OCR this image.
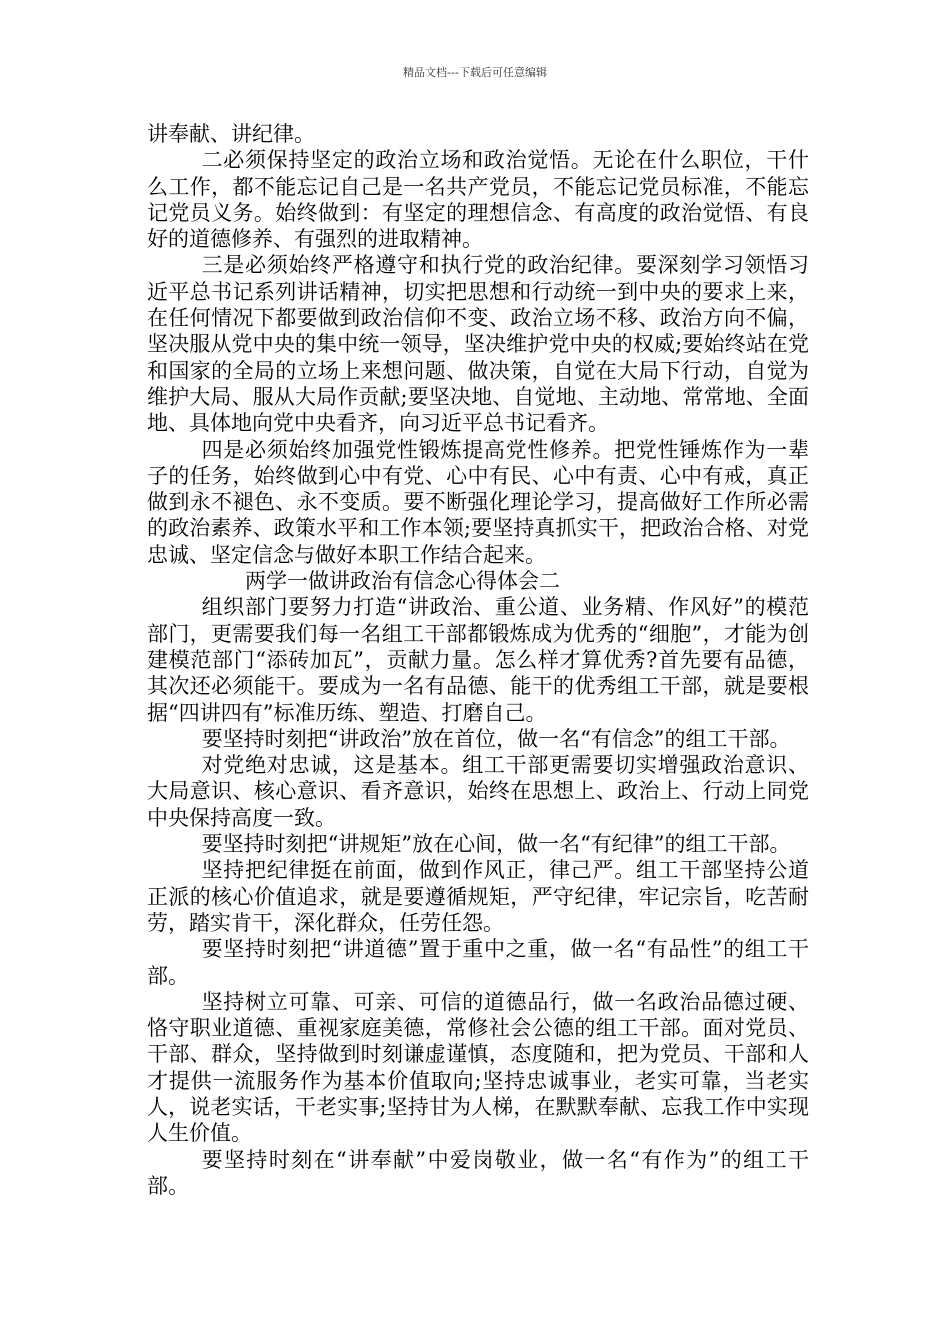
精品文档---下载后可任意编辑

讲奉献、讲纪律。

二必须保持坚定的政治立场和政治觉悟。无论在什么职位，干什么工作，都不能忘记自己是一名共产党员，不能忘记党员标准，不能忘记党员义务。始终做到：有坚定的理想信念、有高度的政治觉悟、有良好的道德修养、有强烈的进取精神。

三是必须始终严格遵守和执行党的政治纪律。要深刻学习领悟习近平总书记系列讲话精神，切实把思想和行动统一到中央的要求上来，在任何情况下都要做到政治信仰不变、政治立场不移、政治方向不偏，坚决服从党中央的集中统一领导，坚决维护党中央的权威;要始终站在党和国家的全局的立场上来想问题、做决策，自觉在大局下行动，自觉为维护大局、服从大局作贡献;要坚决地、自觉地、主动地、常常地、全面地、具体地向党中央看齐，向习近平总书记看齐。

四是必须始终加强党性锻炼提高党性修养。把党性锤炼作为一辈子的任务，始终做到心中有党、心中有民、心中有责、心中有戒，真正做到永不褪色、永不变质。要不断强化理论学习，提高做好工作所必需的政治素养、政策水平和工作本领;要坚持真抓实干，把政治合格、对党忠诚、坚定信念与做好本职工作结合起来。

两学一做讲政治有信念心得体会二

组织部门要努力打造“讲政治、重公道、业务精、作风好”的模范部门，更需要我们每一名组工干部都锻炼成为优秀的“细胞”，才能为创建模范部门“添砖加瓦”，贡献力量。怎么样才算优秀?首先要有品德，其次还必须能干。要成为一名有品德、能干的优秀组工干部，就是要根据“四讲四有”标准历练、塑造、打磨自己。

要坚持时刻把“讲政治”放在首位，做一名“有信念”的组工干部。

对党绝对忠诚，这是基本。组工干部更需要切实增强政治意识、大局意识、核心意识、看齐意识，始终在思想上、政治上、行动上同党中央保持高度一致。

要坚持时刻把“讲规矩”放在心间，做一名“有纪律”的组工干部。

坚持把纪律挺在前面，做到作风正，律己严。组工干部坚持公道正派的核心价值追求，就是要遵循规矩，严守纪律，牢记宗旨，吃苦耐劳，踏实肯干，深化群众，任劳任怨。

要坚持时刻把“讲道德”置于重中之重，做一名“有品性”的组工干部。

坚持树立可靠、可亲、可信的道德品行，做一名政治品德过硬、恪守职业道德、重视家庭美德，常修社会公德的组工干部。面对党员、干部、群众，坚持做到时刻谦虚谨慎，态度随和，把为党员、干部和人才提供一流服务作为基本价值取向;坚持忠诚事业，老实可靠，当老实人，说老实话，干老实事;坚持甘为人梯，在默默奉献、忘我工作中实现人生价值。

要坚持时刻在“讲奉献”中爱岗敬业，做一名“有作为”的组工干部。
